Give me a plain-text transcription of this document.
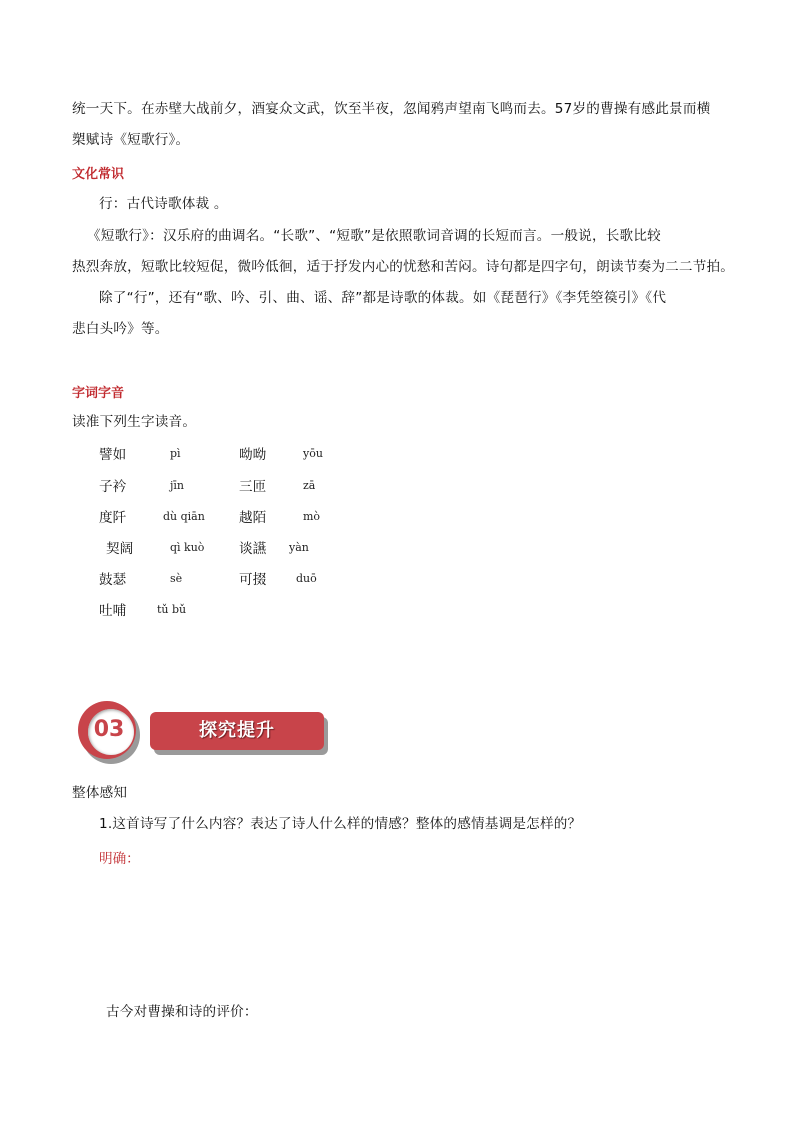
统一天下。在赤壁大战前夕，酒宴众文武，饮至半夜，忽闻鸦声望南飞鸣而去。57岁的曹操有感此景而横
槊赋诗《短歌行》。
文化常识
行：古代诗歌体裁 。
《短歌行》：汉乐府的曲调名。“长歌”、“短歌”是依照歌词音调的长短而言。一般说，长歌比较
热烈奔放，短歌比较短促，微吟低徊，适于抒发内心的忧愁和苦闷。诗句都是四字句，朗读节奏为二二节拍。
除了“行”，还有“歌、吟、引、曲、谣、辞”都是诗歌的体裁。如《琵琶行》《李凭箜篌引》《代
悲白头吟》等。
字词字音
读准下列生字读音。
譬如	pì	呦呦	yōu
子衿	jīn	三匝	zā
度阡	dù qiān	越陌	mò
契阔	qì kuò	谈讌 yàn
鼓瑟	sè	可掇	duō
吐哺	tǔ bǔ
探究提升
03
整体感知
1.这首诗写了什么内容？表达了诗人什么样的情感？整体的感情基调是怎样的？
明确：
古今对曹操和诗的评价：
